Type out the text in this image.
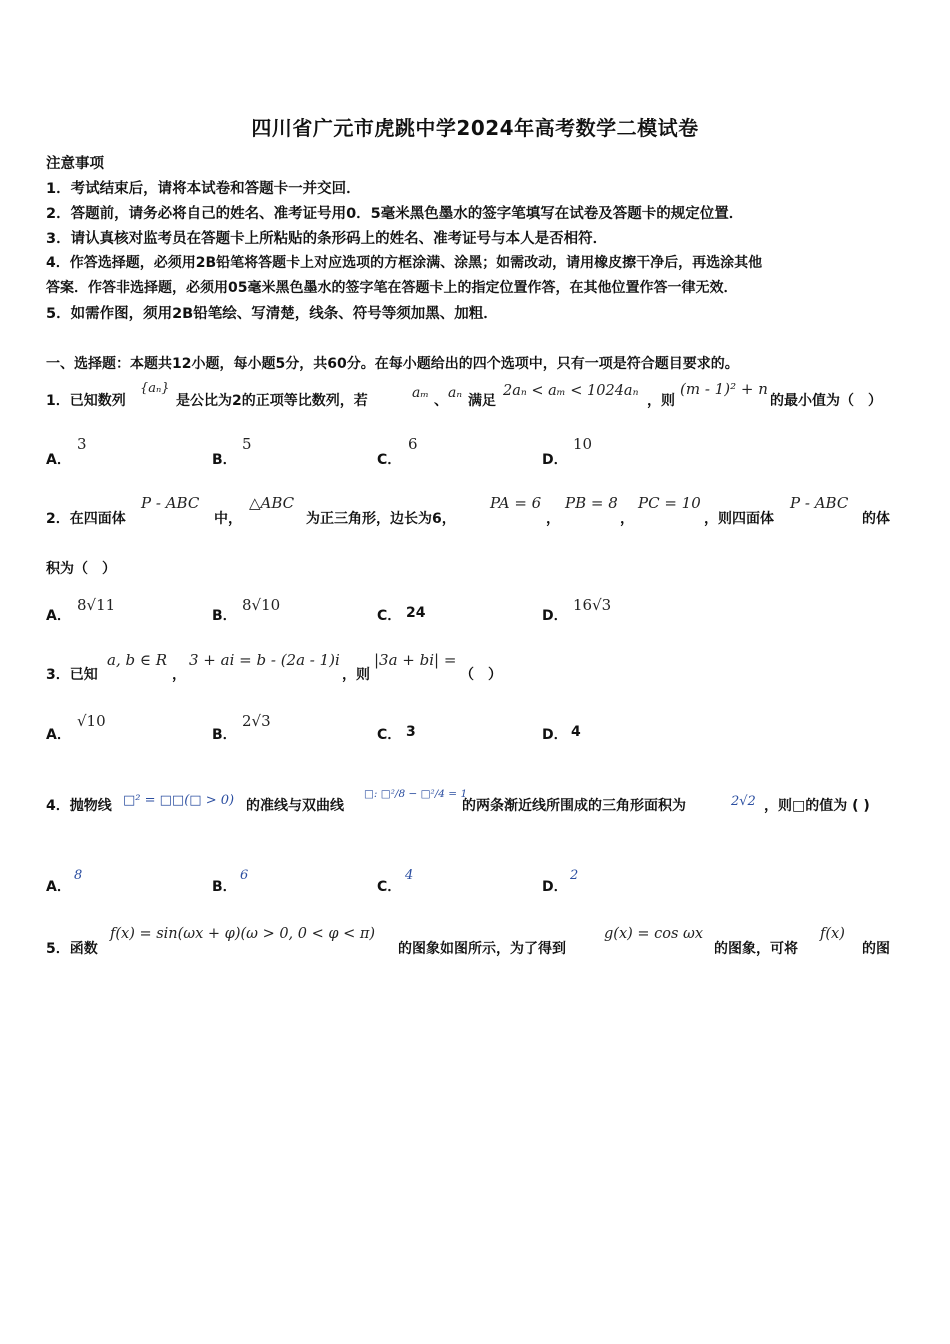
四川省广元市虎跳中学2024年高考数学二模试卷
注意事项
1．考试结束后，请将本试卷和答题卡一并交回．
2．答题前，请务必将自己的姓名、准考证号用0．5毫米黑色墨水的签字笔填写在试卷及答题卡的规定位置．
3．请认真核对监考员在答题卡上所粘贴的条形码上的姓名、准考证号与本人是否相符．
4．作答选择题，必须用2B铅笔将答题卡上对应选项的方框涂满、涂黑；如需改动，请用橡皮擦干净后，再选涂其他
答案．作答非选择题，必须用05毫米黑色墨水的签字笔在答题卡上的指定位置作答，在其他位置作答一律无效．
5．如需作图，须用2B铅笔绘、写清楚，线条、符号等须加黑、加粗．
一、选择题：本题共12小题，每小题5分，共60分。在每小题给出的四个选项中，只有一项是符合题目要求的。
1．已知数列
{aₙ}
是公比为2的正项等比数列，若	aₘ 、 aₙ 满足
2aₙ < aₘ < 1024aₙ
，则
(m - 1)² + n
的最小值为（　）
A．
3
B．
5
C．
6
D．
10
2．在四面体
P - ABC
中，
△ABC
为正三角形，边长为6，
PA = 6
，
PB = 8
，
PC = 10
，则四面体
P - ABC
的体
积为（　）
A．
8√11
B．
8√10
C． 24	D．
16√3
3．已知
a, b ∈ R
，
3 + ai = b - (2a - 1)i
，则
|3a + bi| =
（　）
A．
√10
B．
2√3
C． 3	D． 4
4．抛物线 □² = □□(□ > 0) 的准线与双曲线
□: □²/8 − □²/4 = 1
的两条渐近线所围成的三角形面积为	2√2 ，则□的值为 ( )
A．
8
B．
6
C．
4
D．
2
5．函数
f(x) = sin(ωx + φ)(ω > 0, 0 < φ < π)
的图象如图所示，为了得到
g(x) = cos ωx
的图象，可将
f(x)
的图
